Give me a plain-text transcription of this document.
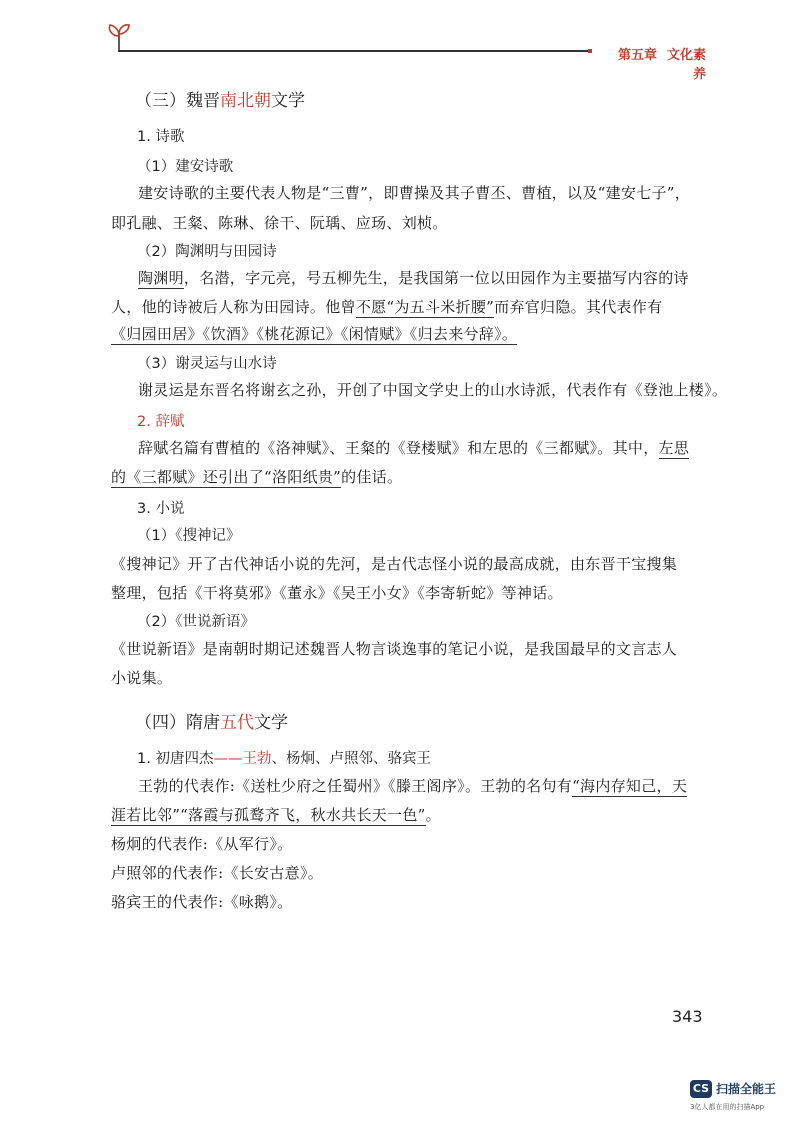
第五章 文化素养
（三）魏晋南北朝文学
1. 诗歌
（1）建安诗歌
建安诗歌的主要代表人物是“三曹”，即曹操及其子曹丕、曹植，以及“建安七子”，
即孔融、王粲、陈琳、徐干、阮瑀、应玚、刘桢。
（2）陶渊明与田园诗
陶渊明，名潜，字元亮，号五柳先生，是我国第一位以田园作为主要描写内容的诗
人，他的诗被后人称为田园诗。他曾不愿“为五斗米折腰”而弃官归隐。其代表作有
《归园田居》《饮酒》《桃花源记》《闲情赋》《归去来兮辞》。
（3）谢灵运与山水诗
谢灵运是东晋名将谢玄之孙，开创了中国文学史上的山水诗派，代表作有《登池上楼》。
2. 辞赋
辞赋名篇有曹植的《洛神赋》、王粲的《登楼赋》和左思的《三都赋》。其中，左思
的《三都赋》还引出了“洛阳纸贵”的佳话。
3. 小说
（1）《搜神记》
《搜神记》开了古代神话小说的先河，是古代志怪小说的最高成就，由东晋干宝搜集
整理，包括《干将莫邪》《董永》《吴王小女》《李寄斩蛇》等神话。
（2）《世说新语》
《世说新语》是南朝时期记述魏晋人物言谈逸事的笔记小说，是我国最早的文言志人
小说集。
（四）隋唐五代文学
1. 初唐四杰——王勃、杨炯、卢照邻、骆宾王
王勃的代表作:《送杜少府之任蜀州》《滕王阁序》。王勃的名句有“海内存知己，天
涯若比邻”“落霞与孤鹜齐飞，秋水共长天一色”。
杨炯的代表作:《从军行》。
卢照邻的代表作:《长安古意》。
骆宾王的代表作:《咏鹅》。
343
CS 扫描全能王
3亿人都在用的扫描App
